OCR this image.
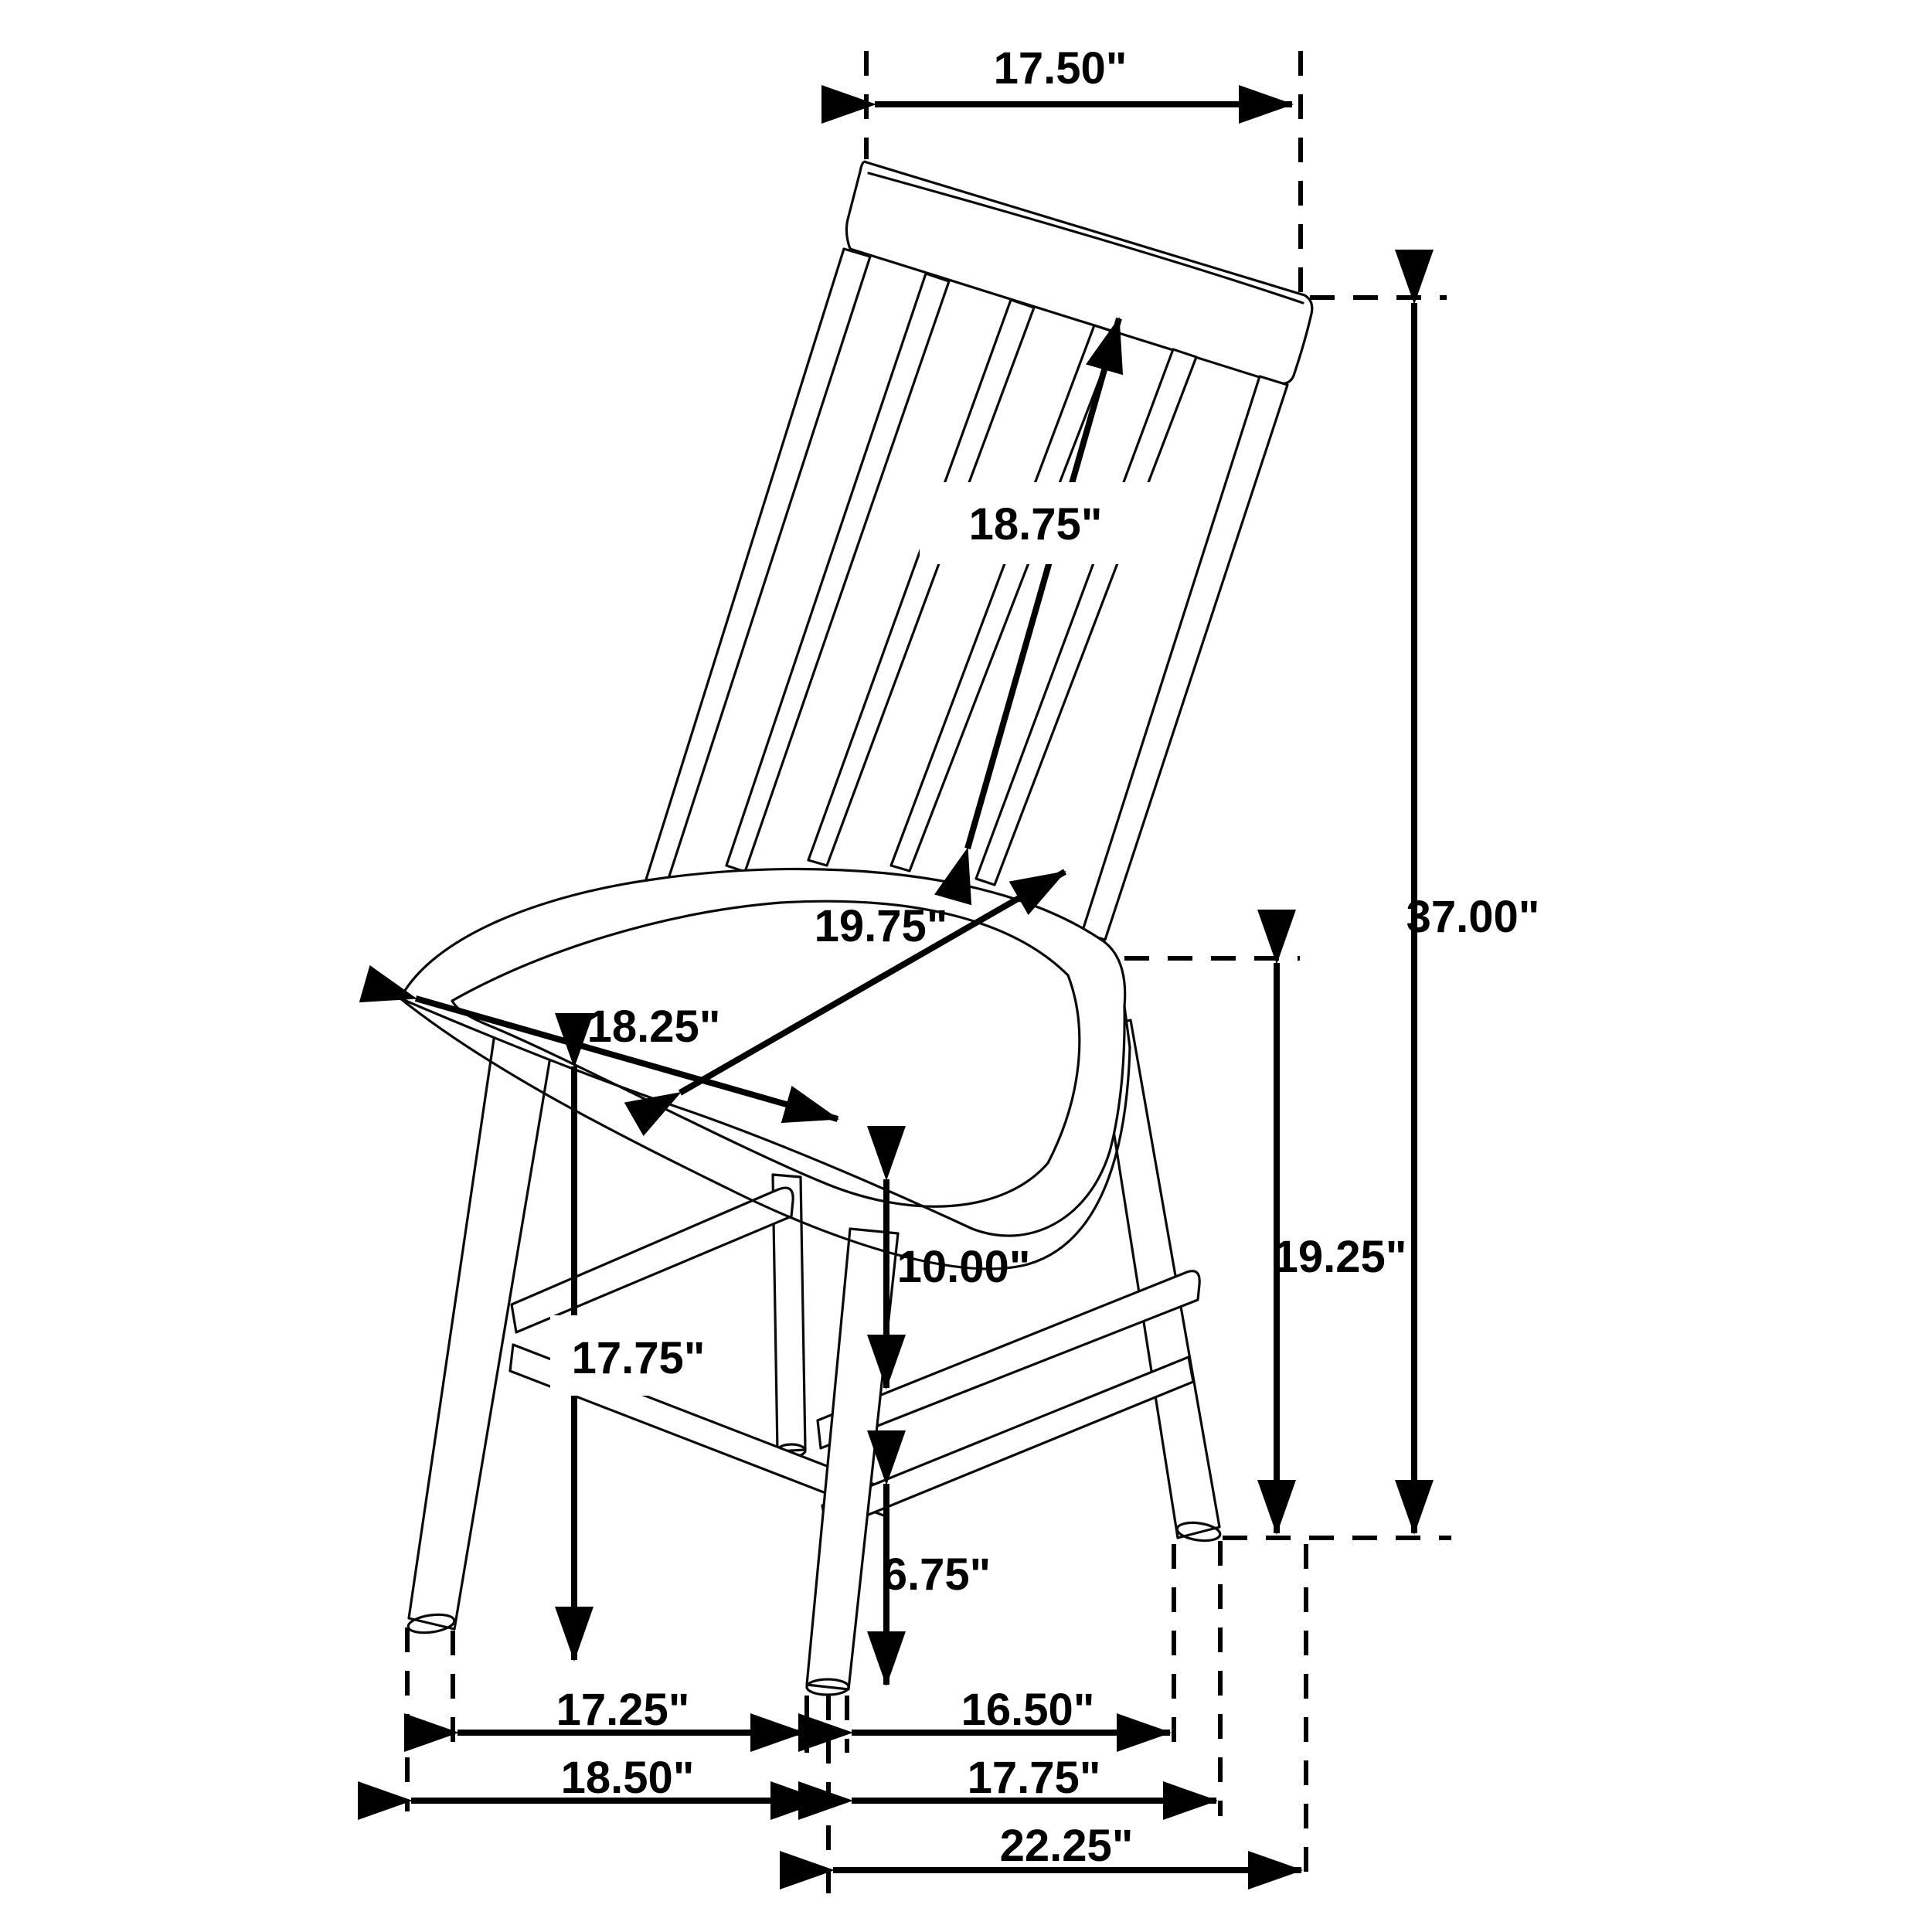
17.50"
18.75"
37.00"
19.75"
18.25"
17.75"
19.25"
10.00"
6.75"
17.25"	16.50"
18.50"	17.75"
22.25"
